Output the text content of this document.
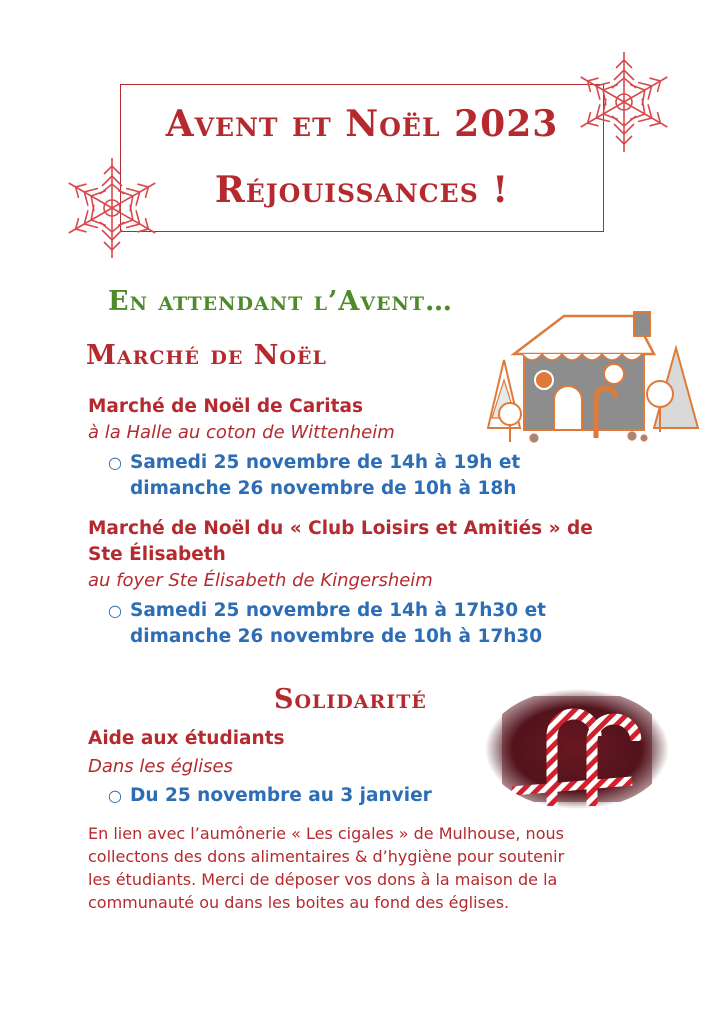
Avent et Noël 2023
Réjouissances !
En attendant l’Avent…
Marché de Noël
Marché de Noël de Caritas
à la Halle au coton de Wittenheim
○ Samedi 25 novembre de 14h à 19h et
dimanche 26 novembre de 10h à 18h
Marché de Noël du « Club Loisirs et Amitiés » de
Ste Élisabeth
au foyer Ste Élisabeth de Kingersheim
○ Samedi 25 novembre de 14h à 17h30 et
dimanche 26 novembre de 10h à 17h30
Solidarité
Aide aux étudiants
Dans les églises
○ Du 25 novembre au 3 janvier
En lien avec l’aumônerie « Les cigales » de Mulhouse, nous
collectons des dons alimentaires & d’hygiène pour soutenir
les étudiants. Merci de déposer vos dons à la maison de la
communauté ou dans les boites au fond des églises.
